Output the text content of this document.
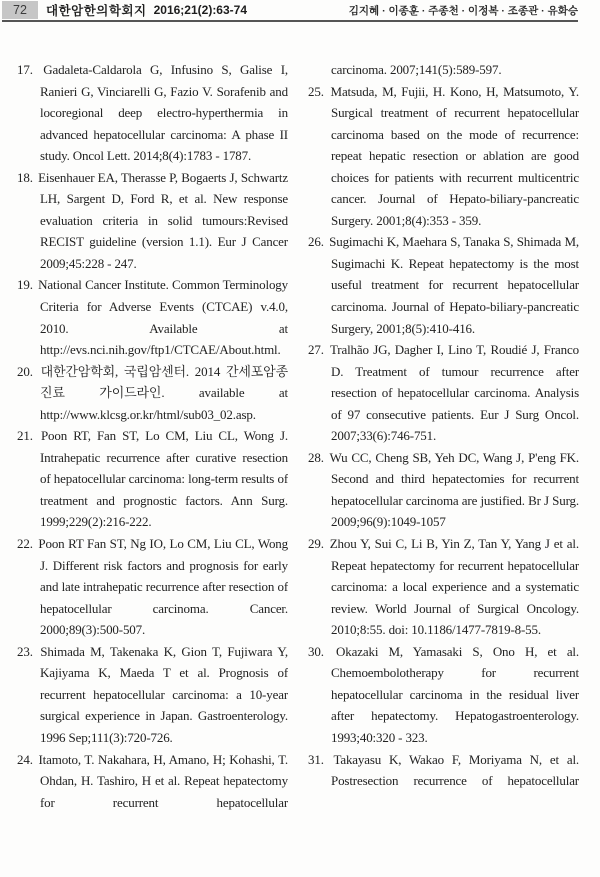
72	대한암한의학회지 2016;21(2):63-74	김지혜 · 이종훈 · 주종천 · 이정복 · 조종관 · 유화승
17. Gadaleta-Caldarola G, Infusino S, Galise I, Ranieri G, Vinciarelli G, Fazio V. Sorafenib and locoregional deep electro-hyperthermia in advanced hepatocellular carcinoma: A phase II study. Oncol Lett. 2014;8(4):1783 - 1787.
18. Eisenhauer EA, Therasse P, Bogaerts J, Schwartz LH, Sargent D, Ford R, et al. New response evaluation criteria in solid tumours:Revised RECIST guideline (version 1.1). Eur J Cancer 2009;45:228 - 247.
19. National Cancer Institute. Common Terminology Criteria for Adverse Events (CTCAE) v.4.0, 2010. Available at http://evs.nci.nih.gov/ftp1/CTCAE/About.html.
20. 대한간암학회, 국립암센터. 2014 간세포암종 진료 가이드라인. available at http://www.klcsg.or.kr/html/sub03_02.asp.
21. Poon RT, Fan ST, Lo CM, Liu CL, Wong J. Intrahepatic recurrence after curative resection of hepatocellular carcinoma: long-term results of treatment and prognostic factors. Ann Surg. 1999;229(2):216-222.
22. Poon RT Fan ST, Ng IO, Lo CM, Liu CL, Wong J. Different risk factors and prognosis for early and late intrahepatic recurrence after resection of hepatocellular carcinoma. Cancer. 2000;89(3):500-507.
23. Shimada M, Takenaka K, Gion T, Fujiwara Y, Kajiyama K, Maeda T et al. Prognosis of recurrent hepatocellular carcinoma: a 10-year surgical experience in Japan. Gastroenterology. 1996 Sep;111(3):720-726.
24. Itamoto, T. Nakahara, H, Amano, H; Kohashi, T. Ohdan, H. Tashiro, H et al. Repeat hepatectomy for recurrent hepatocellular
carcinoma. 2007;141(5):589-597.
25. Matsuda, M, Fujii, H. Kono, H, Matsumoto, Y. Surgical treatment of recurrent hepatocellular carcinoma based on the mode of recurrence: repeat hepatic resection or ablation are good choices for patients with recurrent multicentric cancer. Journal of Hepato-biliary-pancreatic Surgery. 2001;8(4):353 - 359.
26. Sugimachi K, Maehara S, Tanaka S, Shimada M, Sugimachi K. Repeat hepatectomy is the most useful treatment for recurrent hepatocellular carcinoma. Journal of Hepato-biliary-pancreatic Surgery, 2001;8(5):410-416.
27. Tralhão JG, Dagher I, Lino T, Roudié J, Franco D. Treatment of tumour recurrence after resection of hepatocellular carcinoma. Analysis of 97 consecutive patients. Eur J Surg Oncol. 2007;33(6):746-751.
28. Wu CC, Cheng SB, Yeh DC, Wang J, P'eng FK. Second and third hepatectomies for recurrent hepatocellular carcinoma are justified. Br J Surg. 2009;96(9):1049-1057
29. Zhou Y, Sui C, Li B, Yin Z, Tan Y, Yang J et al. Repeat hepatectomy for recurrent hepatocellular carcinoma: a local experience and a systematic review. World Journal of Surgical Oncology. 2010;8:55. doi: 10.1186/1477-7819-8-55.
30. Okazaki M, Yamasaki S, Ono H, et al. Chemoembolotherapy for recurrent hepatocellular carcinoma in the residual liver after hepatectomy. Hepatogastroenterology. 1993;40:320 - 323.
31. Takayasu K, Wakao F, Moriyama N, et al. Postresection recurrence of hepatocellular
